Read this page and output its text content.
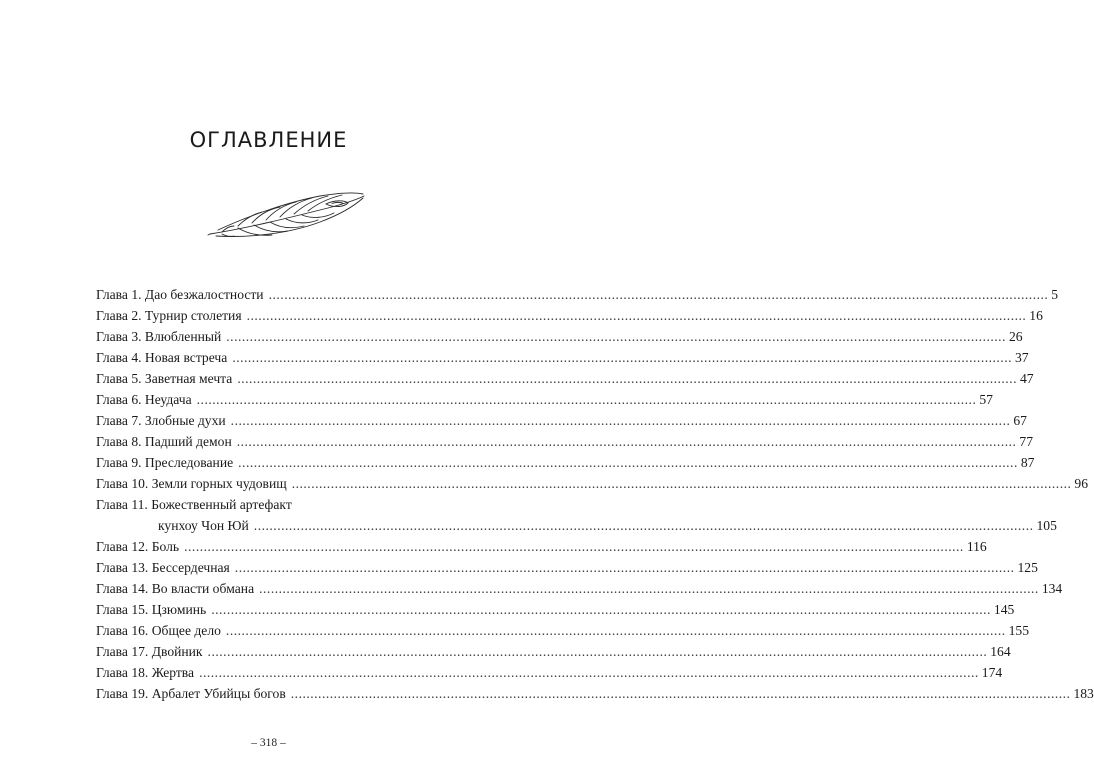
ОГЛАВЛЕНИЕ
Глава 1. Дао безжалостности ........................................................................................................................................................................................................ 5
Глава 2. Турнир столетия ........................................................................................................................................................................................................ 16
Глава 3. Влюбленный ........................................................................................................................................................................................................ 26
Глава 4. Новая встреча ........................................................................................................................................................................................................ 37
Глава 5. Заветная мечта ........................................................................................................................................................................................................ 47
Глава 6. Неудача ........................................................................................................................................................................................................ 57
Глава 7. Злобные духи ........................................................................................................................................................................................................ 67
Глава 8. Падший демон ........................................................................................................................................................................................................ 77
Глава 9. Преследование ........................................................................................................................................................................................................ 87
Глава 10. Земли горных чудовищ ........................................................................................................................................................................................................ 96
Глава 11. Божественный артефакт
кунхоу Чон Юй ........................................................................................................................................................................................................ 105
Глава 12. Боль ........................................................................................................................................................................................................ 116
Глава 13. Бессердечная ........................................................................................................................................................................................................ 125
Глава 14. Во власти обмана ........................................................................................................................................................................................................ 134
Глава 15. Цзюминь ........................................................................................................................................................................................................ 145
Глава 16. Общее дело ........................................................................................................................................................................................................ 155
Глава 17. Двойник ........................................................................................................................................................................................................ 164
Глава 18. Жертва ........................................................................................................................................................................................................ 174
Глава 19. Арбалет Убийцы богов ........................................................................................................................................................................................................ 183
– 318 –
